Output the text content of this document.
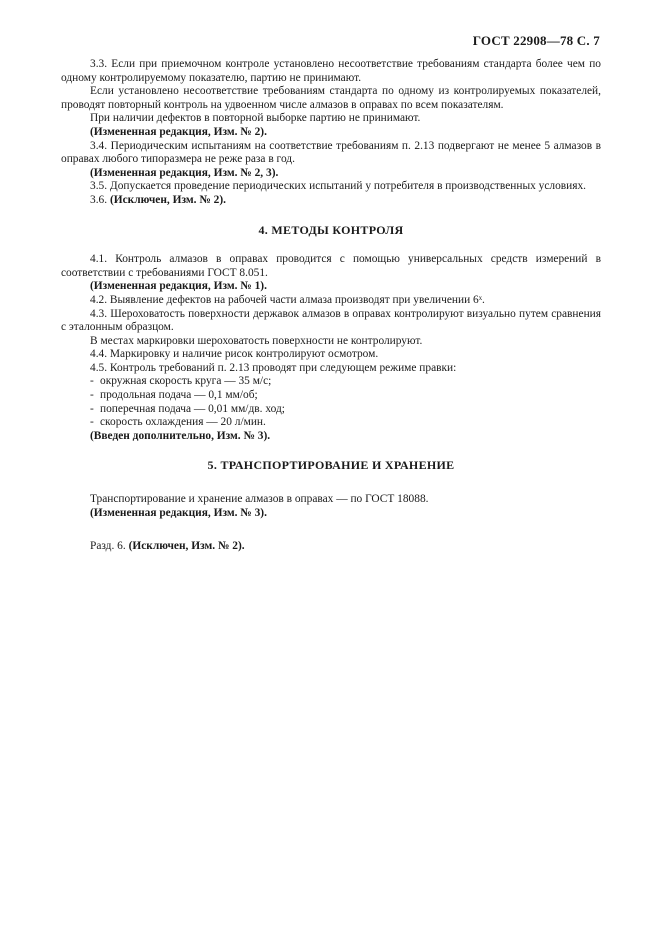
ГОСТ 22908—78 С. 7

3.3. Если при приемочном контроле установлено несоответствие требованиям стандарта более чем по одному контролируемому показателю, партию не принимают.

Если установлено несоответствие требованиям стандарта по одному из контролируемых показателей, проводят повторный контроль на удвоенном числе алмазов в оправах по всем показателям.

При наличии дефектов в повторной выборке партию не принимают.

(Измененная редакция, Изм. № 2).

3.4. Периодическим испытаниям на соответствие требованиям п. 2.13 подвергают не менее 5 алмазов в оправах любого типоразмера не реже раза в год.

(Измененная редакция, Изм. № 2, 3).

3.5. Допускается проведение периодических испытаний у потребителя в производственных условиях.

3.6. (Исключен, Изм. № 2).

4. МЕТОДЫ КОНТРОЛЯ

4.1. Контроль алмазов в оправах проводится с помощью универсальных средств измерений в соответствии с требованиями ГОСТ 8.051.

(Измененная редакция, Изм. № 1).

4.2. Выявление дефектов на рабочей части алмаза производят при увеличении 6ˣ.

4.3. Шероховатость поверхности державок алмазов в оправах контролируют визуально путем сравнения с эталонным образцом.

В местах маркировки шероховатость поверхности не контролируют.

4.4. Маркировку и наличие рисок контролируют осмотром.

4.5. Контроль требований п. 2.13 проводят при следующем режиме правки:

- окружная скорость круга — 35 м/с;

- продольная подача — 0,1 мм/об;

- поперечная подача — 0,01 мм/дв. ход;

- скорость охлаждения — 20 л/мин.

(Введен дополнительно, Изм. № 3).

5. ТРАНСПОРТИРОВАНИЕ И ХРАНЕНИЕ

Транспортирование и хранение алмазов в оправах — по ГОСТ 18088.

(Измененная редакция, Изм. № 3).

Разд. 6. (Исключен, Изм. № 2).
